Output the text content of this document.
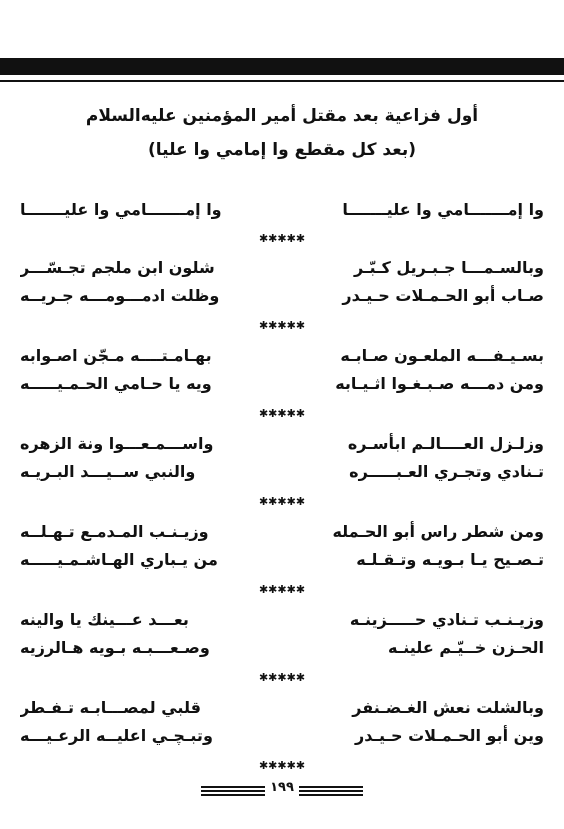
أول فزاعية بعد مقتل أمير المؤمنين عليه‌السلام
(بعد كل مقطع وا إمامي وا عليا)
وا إمـــــــامي وا عليـــــــا
وا إمـــــــامي وا عليـــــــا
✱✱✱✱✱
وبالسـمـــا جـبـريل كـبّـر
شلون ابن ملجم تجـسّـــر
صـاب أبو الحـمـلات حـيـدر
وظلت ادمـــومـــه جـريــه
✱✱✱✱✱
بسـيـفـــه الملعـون صـابـه
بهـامـتــــه مـجّن اصـوابه
ومن دمـــه صـبـغـوا اثـيـابه
ويه يا حـامي الحـمـيـــــه
✱✱✱✱✱
وزلـزل العــــالـم ابأسـره
واســـمـعـــوا ونة الزهره
تـنادي وتجـري العـبـــــره
والنبي ســيـــد البـريـه
✱✱✱✱✱
ومن شطر راس أبو الحـمله
وزيـنـب المـدمـع تـهـلــه
تـصـيح يـا بـويـه وتـقـلـه
من يـباري الهـاشـمـيـــــه
✱✱✱✱✱
وزيـنـب تـنادي حـــــزينـه
بعـــد عـــينك يا والينه
الحـزن خــيّـم علينـه
وصـعـــبـه بـويه هـالرزيه
✱✱✱✱✱
وبالشلت نعش الغـضـنفر
قلبي لمصـــابـه تـفـطر
وين أبو الحـمـلات حـيـدر
وتبـچـي اعليــه الرعـيـــه
✱✱✱✱✱
١٩٩
